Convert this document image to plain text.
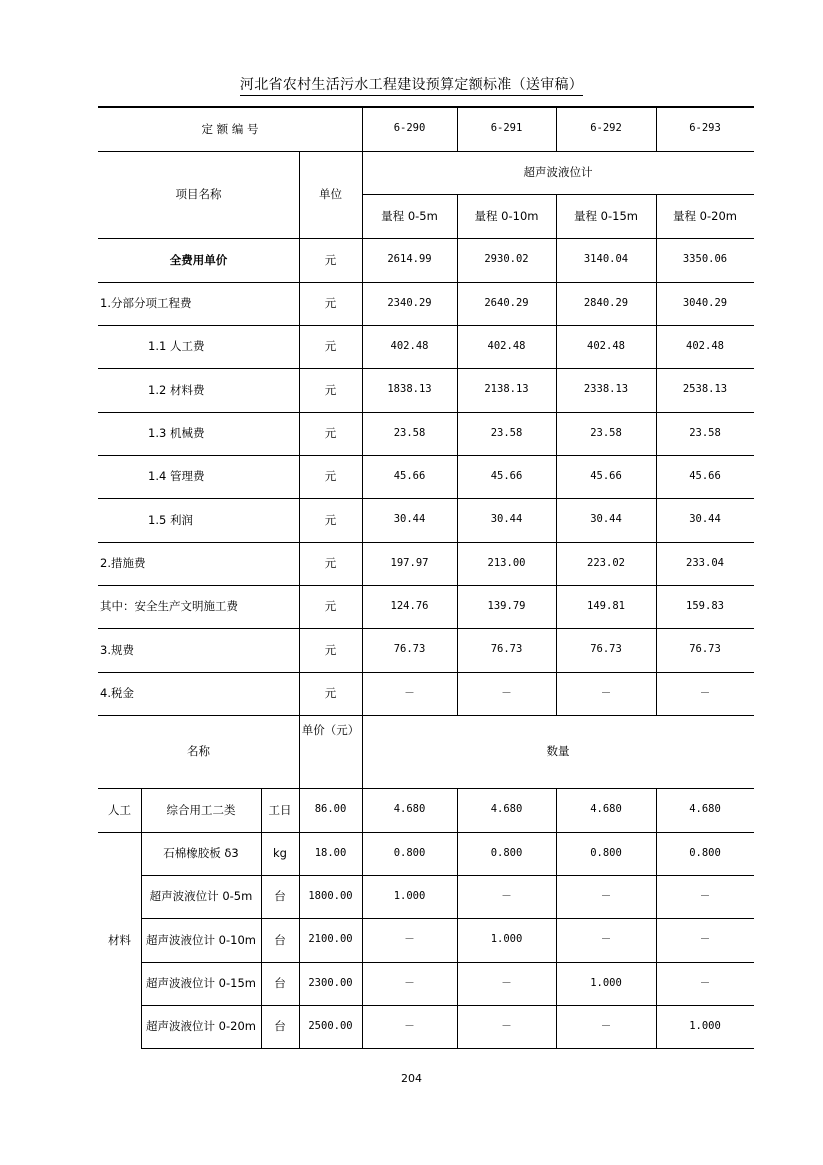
河北省农村生活污水工程建设预算定额标准（送审稿）
定 额 编 号	6-290	6-291	6-292	6-293
项目名称	单位
超声波液位计
量程 0-5m	量程 0-10m	量程 0-15m	量程 0-20m
全费用单价	元	2614.99	2930.02	3140.04	3350.06
1.分部分项工程费	元	2340.29	2640.29	2840.29	3040.29
1.1 人工费	元	402.48	402.48	402.48	402.48
1.2 材料费	元	1838.13	2138.13	2338.13	2538.13
1.3 机械费	元	23.58	23.58	23.58	23.58
1.4 管理费	元	45.66	45.66	45.66	45.66
1.5 利润	元	30.44	30.44	30.44	30.44
2.措施费	元	197.97	213.00	223.02	233.04
其中：安全生产文明施工费	元	124.76	139.79	149.81	159.83
3.规费	元	76.73	76.73	76.73	76.73
4.税金	元	－	－	－	－
名称
单价（元）
数量
人工	综合用工二类	工日	86.00	4.680	4.680	4.680	4.680
材料
石棉橡胶板 δ3	kg	18.00	0.800	0.800	0.800	0.800
超声波液位计 0-5m	台	1800.00	1.000	－	－	－
超声波液位计 0-10m	台	2100.00	－	1.000	－	－
超声波液位计 0-15m	台	2300.00	－	－	1.000	－
超声波液位计 0-20m	台	2500.00	－	－	－	1.000
204
